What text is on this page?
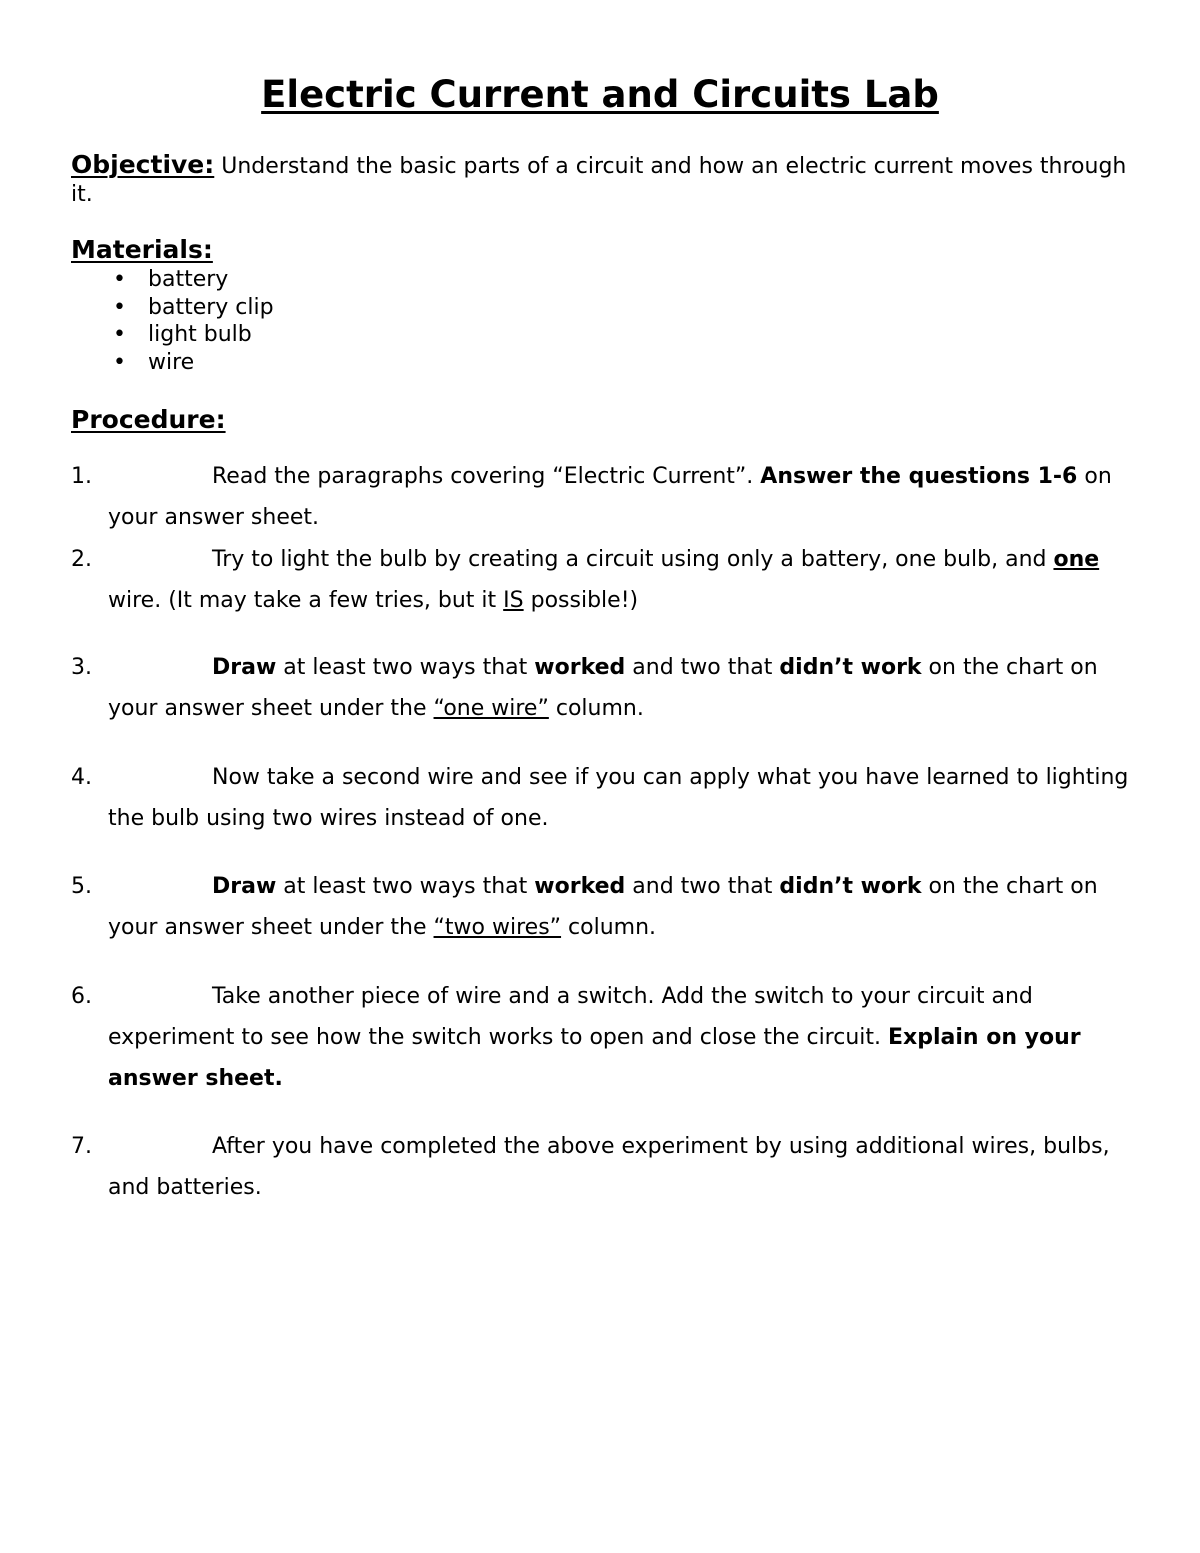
Electric Current and Circuits Lab
Objective: Understand the basic parts of a circuit and how an electric current moves through it.
Materials:
• battery
• battery clip
• light bulb
• wire
Procedure:
1.	Read the paragraphs covering “Electric Current”. Answer the questions 1-6 on your answer sheet.
2.	Try to light the bulb by creating a circuit using only a battery, one bulb, and one wire. (It may take a few tries, but it IS possible!)
3.	Draw at least two ways that worked and two that didn’t work on the chart on your answer sheet under the “one wire” column.
4.	Now take a second wire and see if you can apply what you have learned to lighting the bulb using two wires instead of one.
5.	Draw at least two ways that worked and two that didn’t work on the chart on your answer sheet under the “two wires” column.
6.	Take another piece of wire and a switch. Add the switch to your circuit and experiment to see how the switch works to open and close the circuit. Explain on your answer sheet.
7.	After you have completed the above experiment by using additional wires, bulbs, and batteries.
